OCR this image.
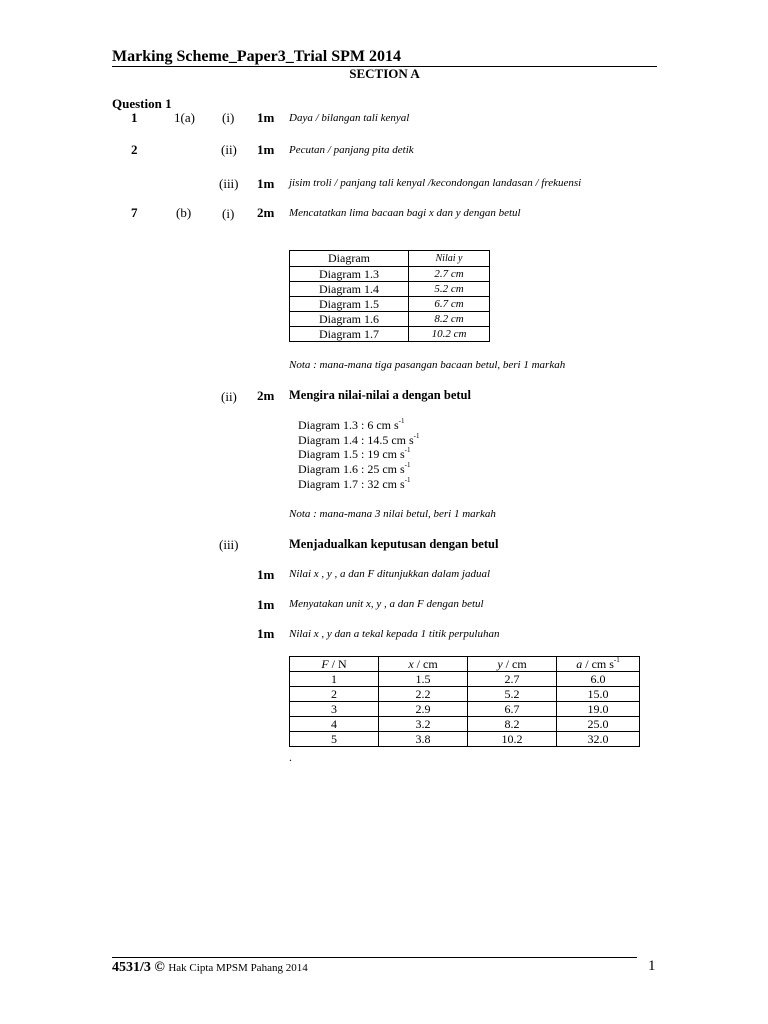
Marking Scheme_Paper3_Trial SPM 2014
SECTION A
Question 1
1	1(a) (i) 1m Daya / bilangan tali kenyal
2	(ii) 1m Pecutan / panjang pita detik
(iii) 1m jisim troli / panjang tali kenyal /kecondongan landasan / frekuensi
7	(b) (i) 2m Mencatatkan lima bacaan bagi x dan y dengan betul
Diagram	Nilai y
Diagram 1.3	2.7 cm
Diagram 1.4	5.2 cm
Diagram 1.5	6.7 cm
Diagram 1.6	8.2 cm
Diagram 1.7	10.2 cm
Nota : mana-mana tiga pasangan bacaan betul, beri 1 markah
(ii) 2m Mengira nilai-nilai a dengan betul
Diagram 1.3 : 6 cm $s^{-1}$
Diagram 1.4 : 14.5 cm $s^{-1}$
Diagram 1.5 : 19 cm $s^{-1}$
Diagram 1.6 : 25 cm $s^{-1}$
Diagram 1.7 : 32 cm $s^{-1}$
Nota : mana-mana 3 nilai betul, beri 1 markah
(iii)	Menjadualkan keputusan dengan betul
1m Nilai x , y , a dan F ditunjukkan dalam jadual
1m Menyatakan unit x, y , a dan F dengan betul
1m Nilai x , y dan a tekal kepada 1 titik perpuluhan
F / N	x / cm	y / cm	a / cm $s^{-1}$
1	1.5	2.7	6.0
2	2.2	5.2	15.0
3	2.9	6.7	19.0
4	3.2	8.2	25.0
5	3.8	10.2	32.0
.
4531/3 © Hak Cipta MPSM Pahang 2014	1
